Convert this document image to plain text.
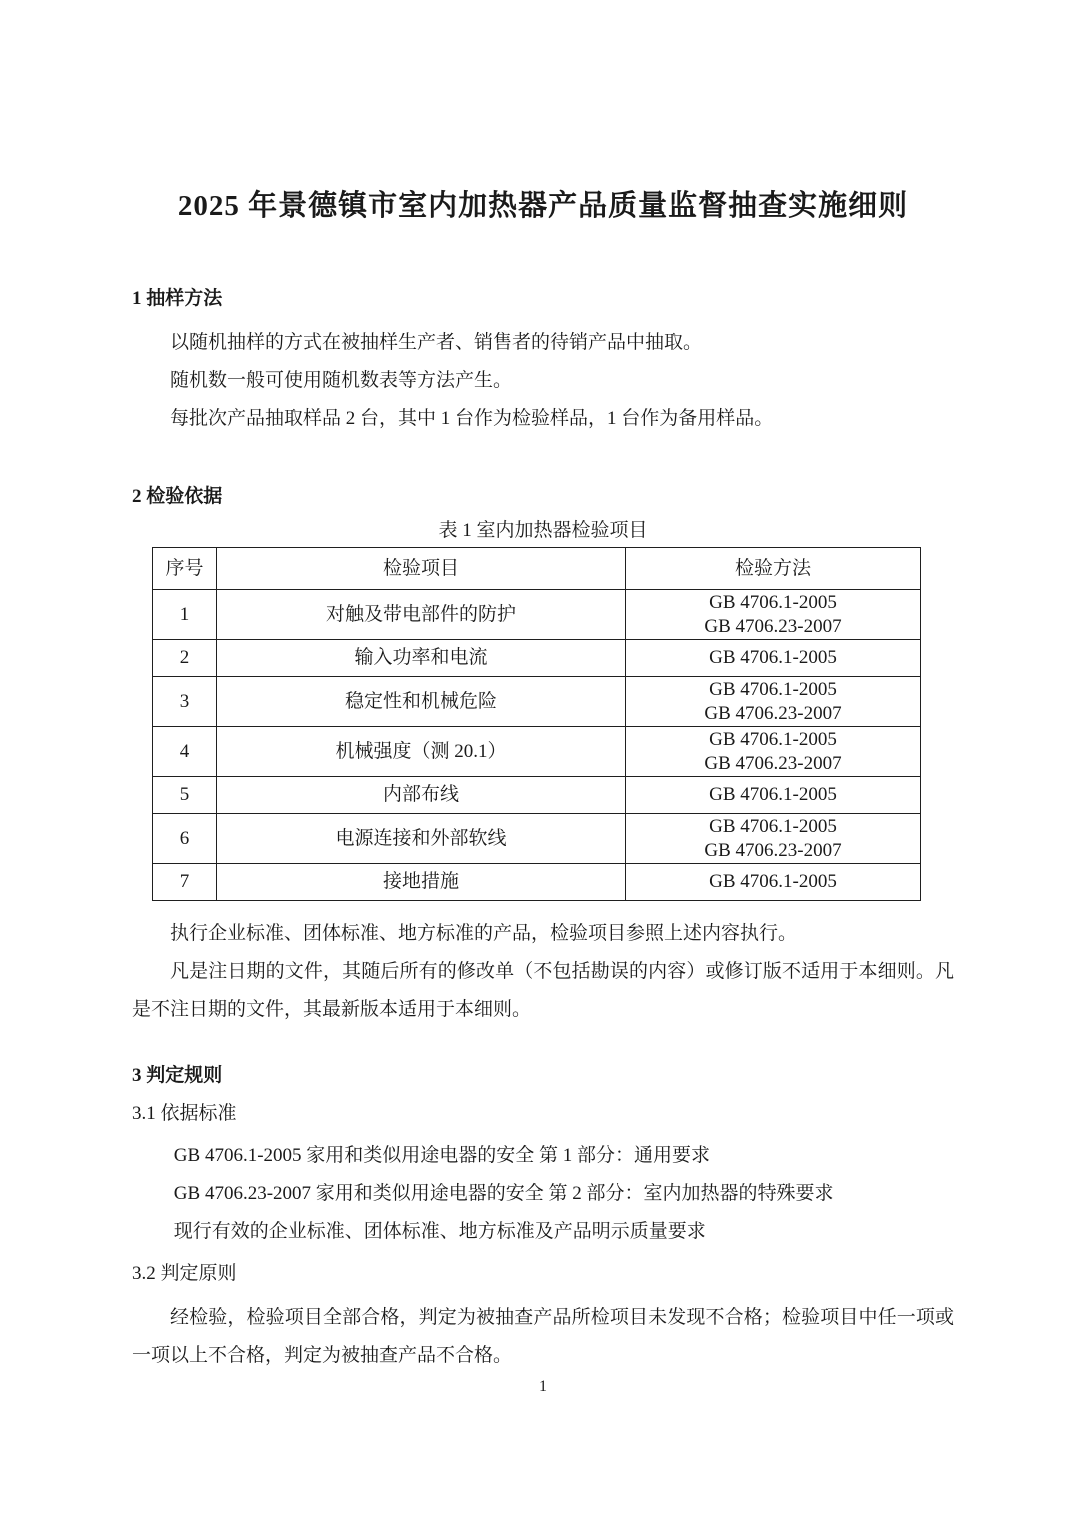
2025 年景德镇市室内加热器产品质量监督抽查实施细则
1 抽样方法

以随机抽样的方式在被抽样生产者、销售者的待销产品中抽取。

随机数一般可使用随机数表等方法产生。

每批次产品抽取样品 2 台，其中 1 台作为检验样品，1 台作为备用样品。

2 检验依据
表 1 室内加热器检验项目
序号	检验项目	检验方法
1	对触及带电部件的防护	GB 4706.1-2005
GB 4706.23-2007

2	输入功率和电流	GB 4706.1-2005

3	稳定性和机械危险	GB 4706.1-2005
GB 4706.23-2007

4	机械强度（测 20.1）	GB 4706.1-2005
GB 4706.23-2007

5	内部布线	GB 4706.1-2005

6	电源连接和外部软线	GB 4706.1-2005
GB 4706.23-2007

7	接地措施	GB 4706.1-2005

执行企业标准、团体标准、地方标准的产品，检验项目参照上述内容执行。

凡是注日期的文件，其随后所有的修改单（不包括勘误的内容）或修订版不适用于本细则。凡是不注日期的文件，其最新版本适用于本细则。

3 判定规则
3.1 依据标准

GB 4706.1-2005 家用和类似用途电器的安全 第 1 部分：通用要求

GB 4706.23-2007 家用和类似用途电器的安全 第 2 部分：室内加热器的特殊要求

现行有效的企业标准、团体标准、地方标准及产品明示质量要求

3.2 判定原则

经检验，检验项目全部合格，判定为被抽查产品所检项目未发现不合格；检验项目中任一项或一项以上不合格，判定为被抽查产品不合格。

1
